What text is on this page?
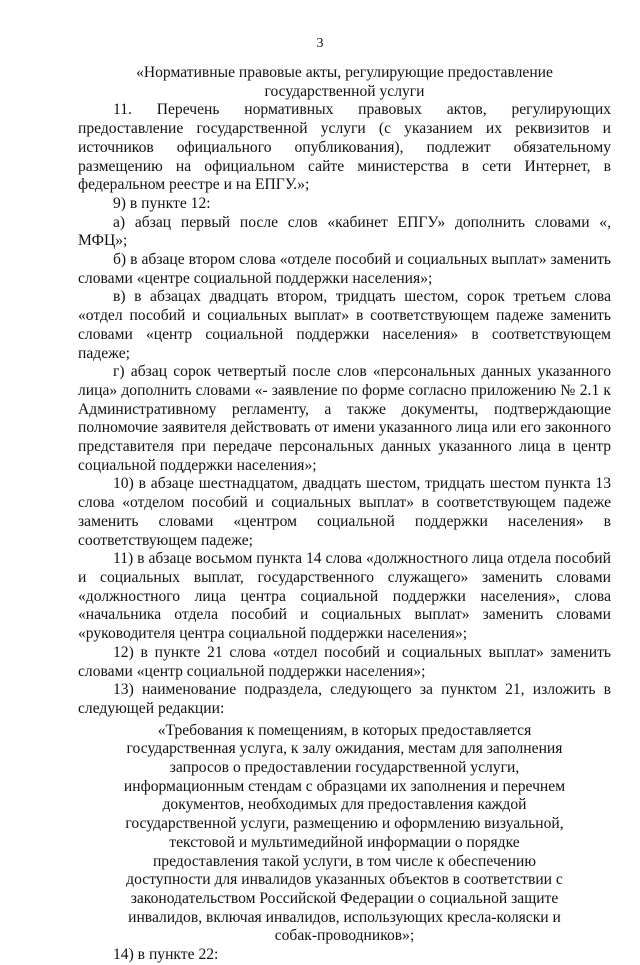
3

«Нормативные правовые акты, регулирующие предоставление государственной услуги

11. Перечень нормативных правовых актов, регулирующих предоставление государственной услуги (с указанием их реквизитов и источников официального опубликования), подлежит обязательному размещению на официальном сайте министерства в сети Интернет, в федеральном реестре и на ЕПГУ.»;

9) в пункте 12:

а) абзац первый после слов «кабинет ЕПГУ» дополнить словами «, МФЦ»;

б) в абзаце втором слова «отделе пособий и социальных выплат» заменить словами «центре социальной поддержки населения»;

в) в абзацах двадцать втором, тридцать шестом, сорок третьем слова «отдел пособий и социальных выплат» в соответствующем падеже заменить словами «центр социальной поддержки населения» в соответствующем падеже;

г) абзац сорок четвертый после слов «персональных данных указанного лица» дополнить словами «- заявление по форме согласно приложению № 2.1 к Административному регламенту, а также документы, подтверждающие полномочие заявителя действовать от имени указанного лица или его законного представителя при передаче персональных данных указанного лица в центр социальной поддержки населения»;

10) в абзаце шестнадцатом, двадцать шестом, тридцать шестом пункта 13 слова «отделом пособий и социальных выплат» в соответствующем падеже заменить словами «центром социальной поддержки населения» в соответствующем падеже;

11) в абзаце восьмом пункта 14 слова «должностного лица отдела пособий и социальных выплат, государственного служащего» заменить словами «должностного лица центра социальной поддержки населения», слова «начальника отдела пособий и социальных выплат» заменить словами «руководителя центра социальной поддержки населения»;

12) в пункте 21 слова «отдел пособий и социальных выплат» заменить словами «центр социальной поддержки населения»;

13) наименование подраздела, следующего за пунктом 21, изложить в следующей редакции:

«Требования к помещениям, в которых предоставляется государственная услуга, к залу ожидания, местам для заполнения запросов о предоставлении государственной услуги, информационным стендам с образцами их заполнения и перечнем документов, необходимых для предоставления каждой государственной услуги, размещению и оформлению визуальной, текстовой и мультимедийной информации о порядке предоставления такой услуги, в том числе к обеспечению доступности для инвалидов указанных объектов в соответствии с законодательством Российской Федерации о социальной защите инвалидов, включая инвалидов, использующих кресла-коляски и собак-проводников»;

14) в пункте 22:
